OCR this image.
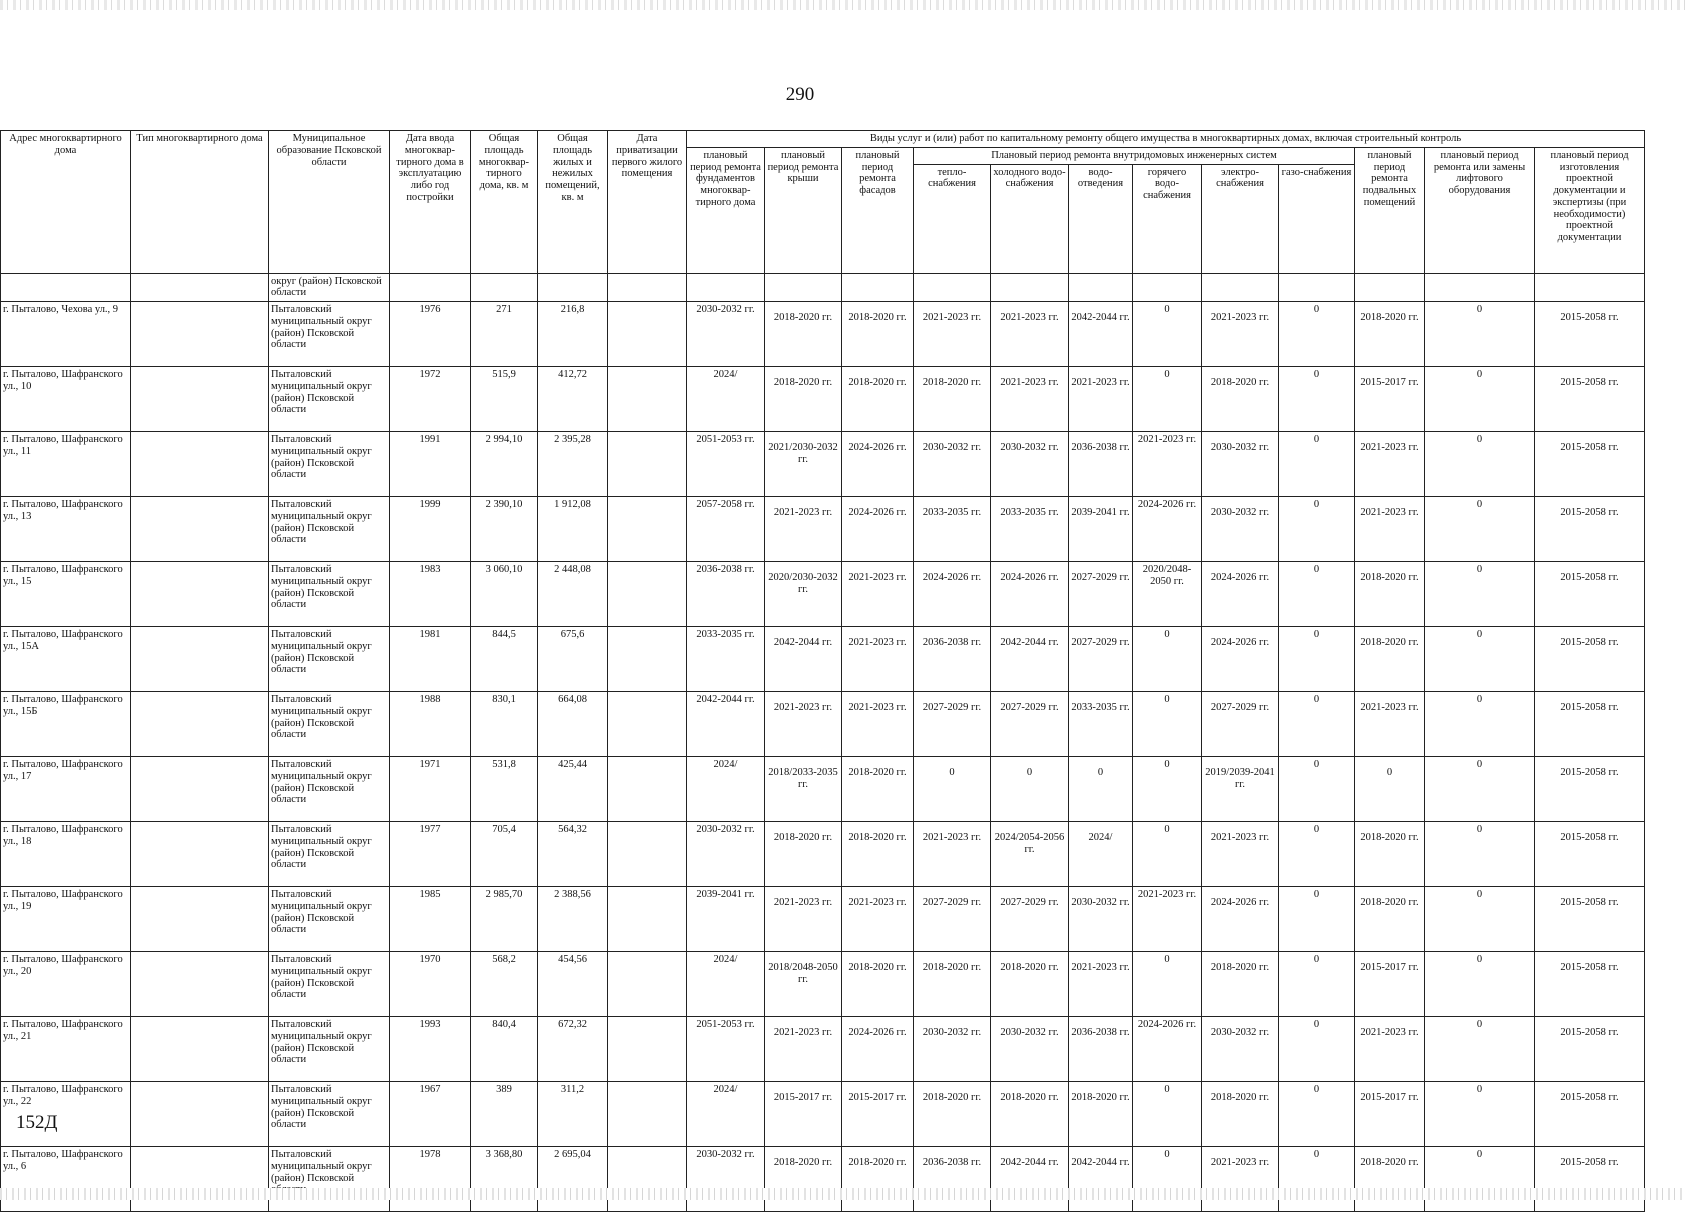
290
Адрес многоквартирного дома	Тип многоквартирного дома	Муниципальное образование Псковской области	Дата ввода многоквар-тирного дома в эксплуатацию либо год постройки	Общая площадь многоквар-тирного дома, кв. м	Общая площадь жилых и нежилых помещений, кв. м	Дата приватизации первого жилого помещения	Виды услуг и (или) работ по капитальному ремонту общего имущества в многоквартирных домах, включая строительный контроль											
							плановый период ремонта фундаментов многоквар-тирного дома	плановый период ремонта крыши	плановый период ремонта фасадов	Плановый период ремонта внутридомовых инженерных систем						плановый период ремонта подвальных помещений	плановый период ремонта или замены лифтового оборудования	плановый период изготовления проектной документации и экспертизы (при необходимости) проектной документации
										тепло-снабжения	холодного водо-снабжения	водо-отведения	горячего водо-снабжения	электро-снабжения	газо-снабжения			
		округ (район) Псковской области																
г. Пыталово, Чехова ул., 9		Пыталовский муниципальный округ (район) Псковской области	1976	271	216,8		2030-2032 гг.	2018-2020 гг.	2018-2020 гг.	2021-2023 гг.	2021-2023 гг.	2042-2044 гг.	0	2021-2023 гг.	0	2018-2020 гг.	0	2015-2058 гг.
г. Пыталово, Шафранского ул., 10		Пыталовский муниципальный округ (район) Псковской области	1972	515,9	412,72		2024/	2018-2020 гг.	2018-2020 гг.	2018-2020 гг.	2021-2023 гг.	2021-2023 гг.	0	2018-2020 гг.	0	2015-2017 гг.	0	2015-2058 гг.
г. Пыталово, Шафранского ул., 11		Пыталовский муниципальный округ (район) Псковской области	1991	2 994,10	2 395,28		2051-2053 гг.	2021/2030-2032 гг.	2024-2026 гг.	2030-2032 гг.	2030-2032 гг.	2036-2038 гг.	2021-2023 гг.	2030-2032 гг.	0	2021-2023 гг.	0	2015-2058 гг.
г. Пыталово, Шафранского ул., 13		Пыталовский муниципальный округ (район) Псковской области	1999	2 390,10	1 912,08		2057-2058 гг.	2021-2023 гг.	2024-2026 гг.	2033-2035 гг.	2033-2035 гг.	2039-2041 гг.	2024-2026 гг.	2030-2032 гг.	0	2021-2023 гг.	0	2015-2058 гг.
г. Пыталово, Шафранского ул., 15		Пыталовский муниципальный округ (район) Псковской области	1983	3 060,10	2 448,08		2036-2038 гг.	2020/2030-2032 гг.	2021-2023 гг.	2024-2026 гг.	2024-2026 гг.	2027-2029 гг.	2020/2048-2050 гг.	2024-2026 гг.	0	2018-2020 гг.	0	2015-2058 гг.
г. Пыталово, Шафранского ул., 15А		Пыталовский муниципальный округ (район) Псковской области	1981	844,5	675,6		2033-2035 гг.	2042-2044 гг.	2021-2023 гг.	2036-2038 гг.	2042-2044 гг.	2027-2029 гг.	0	2024-2026 гг.	0	2018-2020 гг.	0	2015-2058 гг.
г. Пыталово, Шафранского ул., 15Б		Пыталовский муниципальный округ (район) Псковской области	1988	830,1	664,08		2042-2044 гг.	2021-2023 гг.	2021-2023 гг.	2027-2029 гг.	2027-2029 гг.	2033-2035 гг.	0	2027-2029 гг.	0	2021-2023 гг.	0	2015-2058 гг.
г. Пыталово, Шафранского ул., 17		Пыталовский муниципальный округ (район) Псковской области	1971	531,8	425,44		2024/	2018/2033-2035 гг.	2018-2020 гг.	0	0	0	0	2019/2039-2041 гг.	0	0	0	2015-2058 гг.
г. Пыталово, Шафранского ул., 18		Пыталовский муниципальный округ (район) Псковской области	1977	705,4	564,32		2030-2032 гг.	2018-2020 гг.	2018-2020 гг.	2021-2023 гг.	2024/2054-2056 гг.	2024/	0	2021-2023 гг.	0	2018-2020 гг.	0	2015-2058 гг.
г. Пыталово, Шафранского ул., 19		Пыталовский муниципальный округ (район) Псковской области	1985	2 985,70	2 388,56		2039-2041 гг.	2021-2023 гг.	2021-2023 гг.	2027-2029 гг.	2027-2029 гг.	2030-2032 гг.	2021-2023 гг.	2024-2026 гг.	0	2018-2020 гг.	0	2015-2058 гг.
г. Пыталово, Шафранского ул., 20		Пыталовский муниципальный округ (район) Псковской области	1970	568,2	454,56		2024/	2018/2048-2050 гг.	2018-2020 гг.	2018-2020 гг.	2018-2020 гг.	2021-2023 гг.	0	2018-2020 гг.	0	2015-2017 гг.	0	2015-2058 гг.
г. Пыталово, Шафранского ул., 21		Пыталовский муниципальный округ (район) Псковской области	1993	840,4	672,32		2051-2053 гг.	2021-2023 гг.	2024-2026 гг.	2030-2032 гг.	2030-2032 гг.	2036-2038 гг.	2024-2026 гг.	2030-2032 гг.	0	2021-2023 гг.	0	2015-2058 гг.
г. Пыталово, Шафранского ул., 22		Пыталовский муниципальный округ (район) Псковской области	1967	389	311,2		2024/	2015-2017 гг.	2015-2017 гг.	2018-2020 гг.	2018-2020 гг.	2018-2020 гг.	0	2018-2020 гг.	0	2015-2017 гг.	0	2015-2058 гг.
г. Пыталово, Шафранского ул., 6		Пыталовский муниципальный округ (район) Псковской	1978	3 368,80	2 695,04		2030-2032 гг.	2018-2020 гг.	2018-2020 гг.	2036-2038 гг.	2042-2044 гг.	2042-2044 гг.	0	2021-2023 гг.	0	2018-2020 гг.	0	2015-2058 гг.
152Д
